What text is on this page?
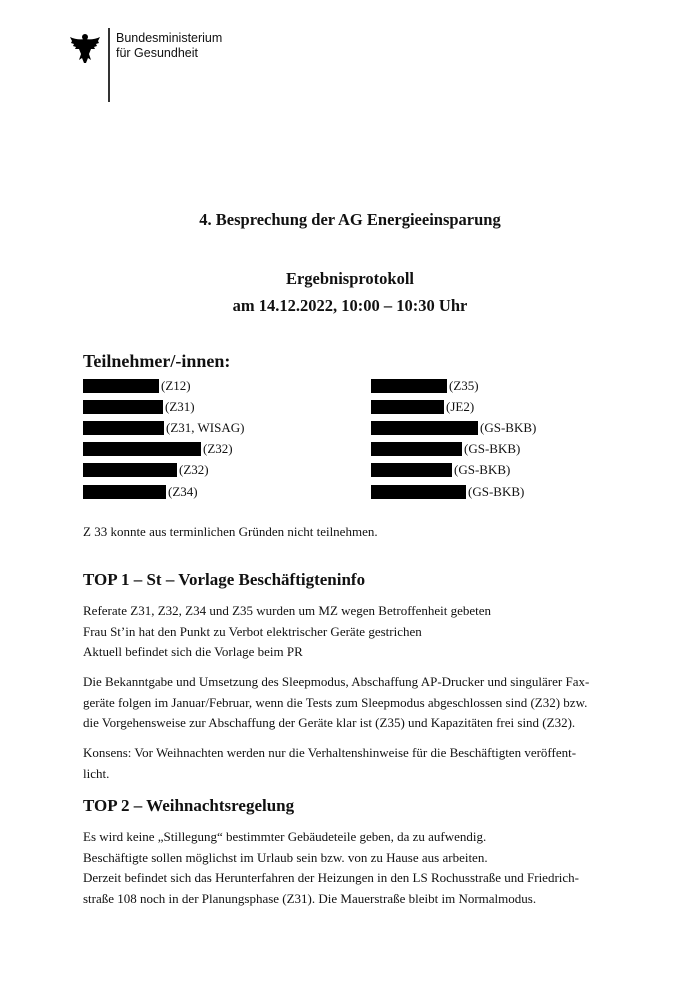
Bundesministerium
für Gesundheit
4. Besprechung der AG Energieeinsparung
Ergebnisprotokoll
am 14.12.2022, 10:00 – 10:30 Uhr
Teilnehmer/-innen:
(Z12)
(Z31)
(Z31, WISAG)
(Z32)
(Z32)
(Z34)
(Z35)
(JE2)
(GS-BKB)
(GS-BKB)
(GS-BKB)
(GS-BKB)
Z 33 konnte aus terminlichen Gründen nicht teilnehmen.
TOP 1 – St – Vorlage Beschäftigteninfo

Referate Z31, Z32, Z34 und Z35 wurden um MZ wegen Betroffenheit gebeten
Frau St’in hat den Punkt zu Verbot elektrischer Geräte gestrichen
Aktuell befindet sich die Vorlage beim PR

Die Bekanntgabe und Umsetzung des Sleepmodus, Abschaffung AP-Drucker und singulärer Fax-
geräte folgen im Januar/Februar, wenn die Tests zum Sleepmodus abgeschlossen sind (Z32) bzw.
die Vorgehensweise zur Abschaffung der Geräte klar ist (Z35) und Kapazitäten frei sind (Z32).

Konsens: Vor Weihnachten werden nur die Verhaltenshinweise für die Beschäftigten veröffent-
licht.

TOP 2 – Weihnachtsregelung

Es wird keine „Stillegung“ bestimmter Gebäudeteile geben, da zu aufwendig.
Beschäftigte sollen möglichst im Urlaub sein bzw. von zu Hause aus arbeiten.
Derzeit befindet sich das Herunterfahren der Heizungen in den LS Rochusstraße und Friedrich-
straße 108 noch in der Planungsphase (Z31). Die Mauerstraße bleibt im Normalmodus.
